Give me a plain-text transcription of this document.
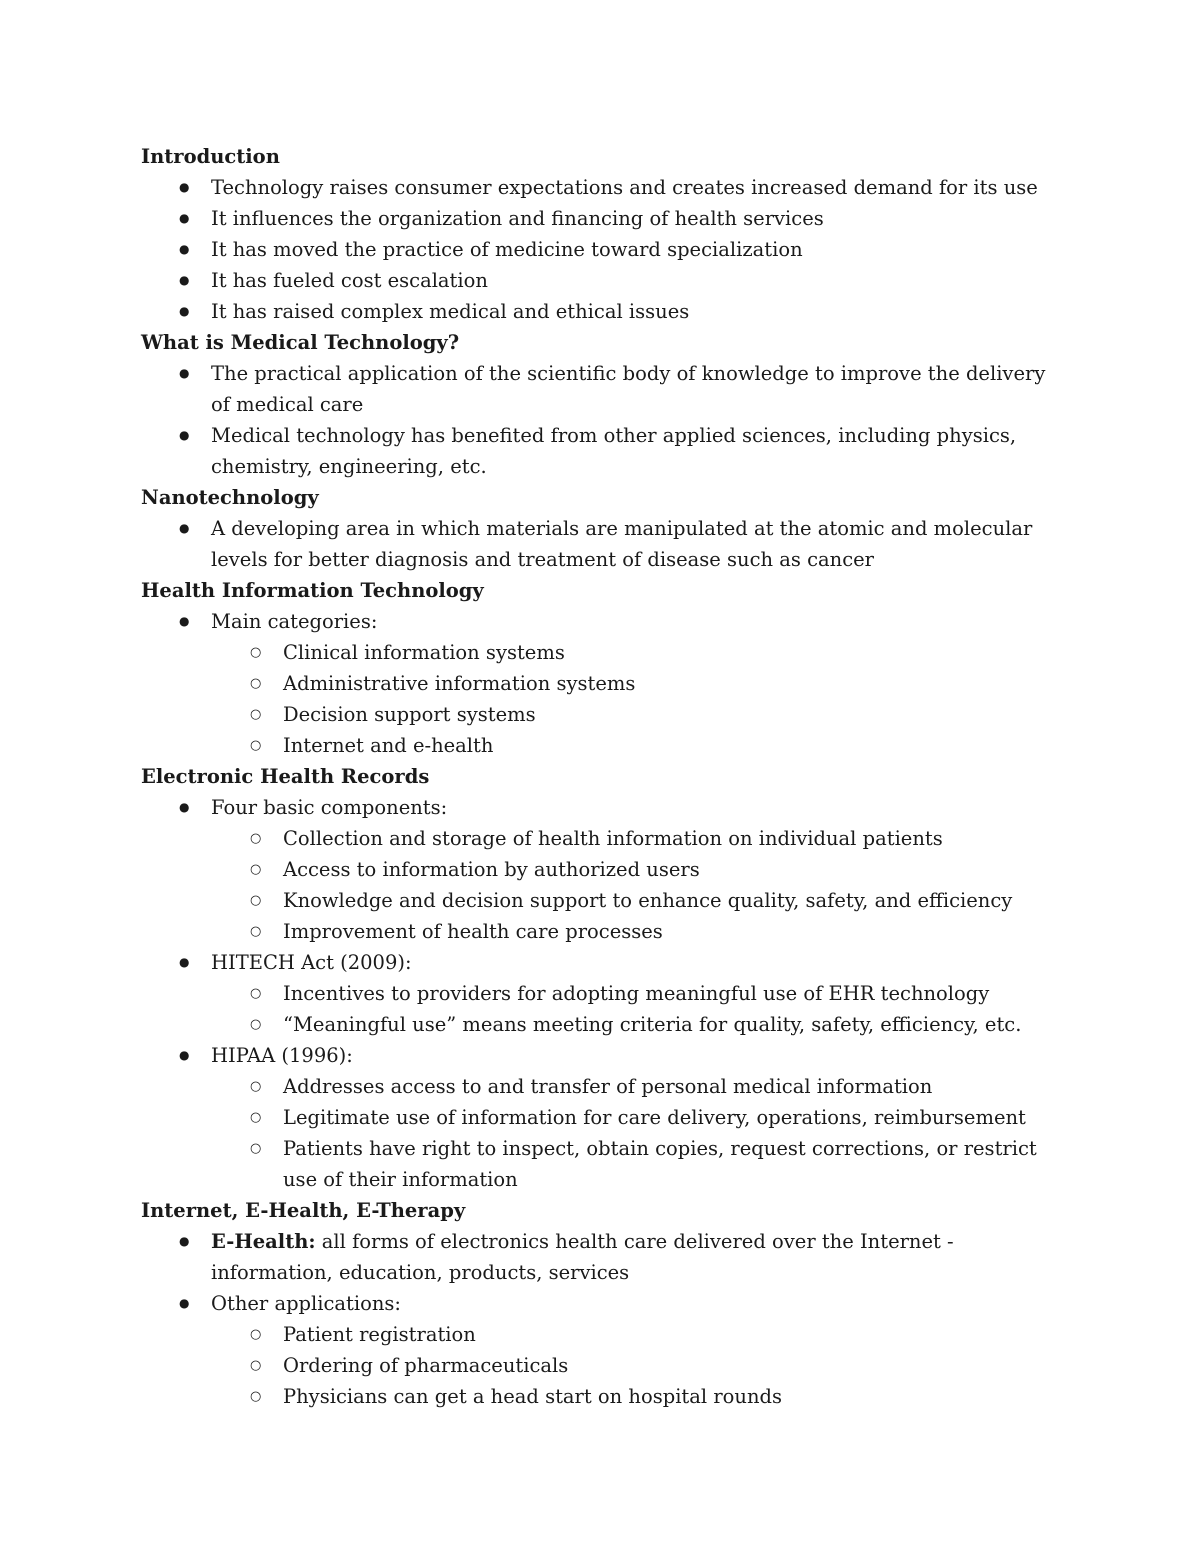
Introduction
● Technology raises consumer expectations and creates increased demand for its use
● It influences the organization and financing of health services
● It has moved the practice of medicine toward specialization
● It has fueled cost escalation
● It has raised complex medical and ethical issues
What is Medical Technology?
● The practical application of the scientific body of knowledge to improve the delivery of medical care
● Medical technology has benefited from other applied sciences, including physics, chemistry, engineering, etc.
Nanotechnology
● A developing area in which materials are manipulated at the atomic and molecular levels for better diagnosis and treatment of disease such as cancer
Health Information Technology
● Main categories:
○ Clinical information systems
○ Administrative information systems
○ Decision support systems
○ Internet and e-health
Electronic Health Records
● Four basic components:
○ Collection and storage of health information on individual patients
○ Access to information by authorized users
○ Knowledge and decision support to enhance quality, safety, and efficiency
○ Improvement of health care processes
● HITECH Act (2009):
○ Incentives to providers for adopting meaningful use of EHR technology
○ “Meaningful use” means meeting criteria for quality, safety, efficiency, etc.
● HIPAA (1996):
○ Addresses access to and transfer of personal medical information
○ Legitimate use of information for care delivery, operations, reimbursement
○ Patients have right to inspect, obtain copies, request corrections, or restrict use of their information
Internet, E-Health, E-Therapy
● E-Health: all forms of electronics health care delivered over the Internet - information, education, products, services
● Other applications:
○ Patient registration
○ Ordering of pharmaceuticals
○ Physicians can get a head start on hospital rounds
